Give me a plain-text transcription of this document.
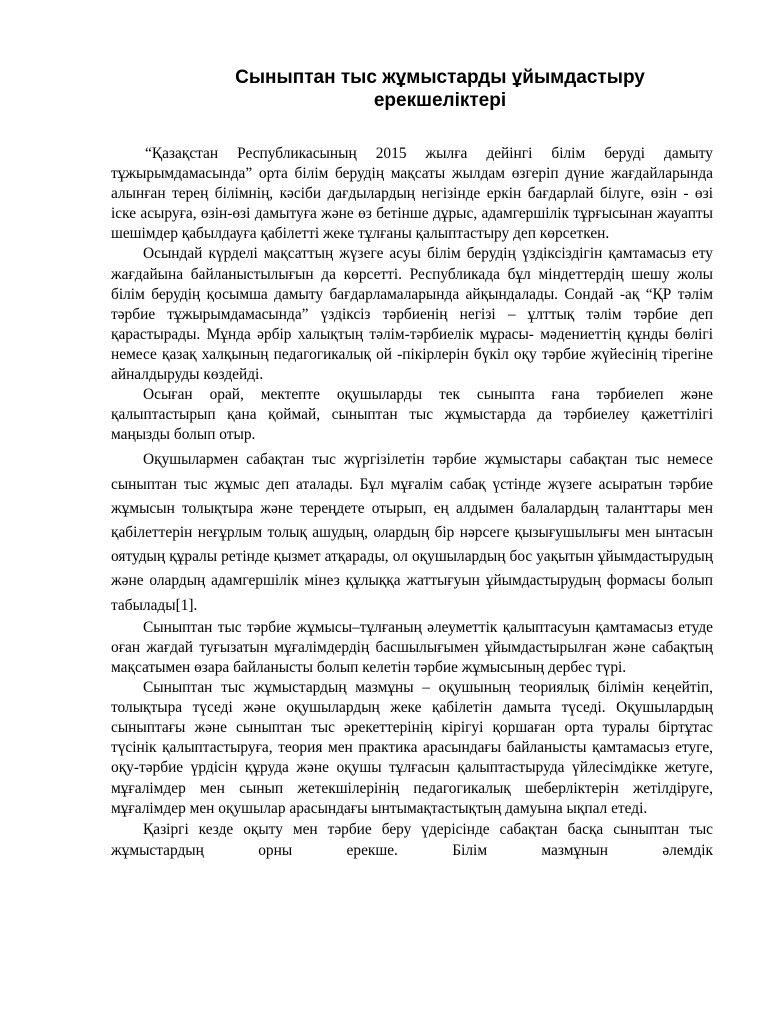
Сыныптан тыс жұмыстарды ұйымдастыру
ерекшеліктері

“Қазақстан Республикасының 2015 жылға дейінгі білім беруді дамыту тұжырымдамасында” орта білім берудің мақсаты жылдам өзгеріп дүние жағдайларында алынған терең білімнің, кәсіби дағдылардың негізінде еркін бағдарлай білуге, өзін - өзі іске асыруға, өзін-өзі дамытуға және өз бетінше дұрыс, адамгершілік тұрғысынан жауапты шешімдер қабылдауға қабілетті жеке тұлғаны қалыптастыру деп көрсеткен.

Осындай күрделі мақсаттың жүзеге асуы білім берудің үздіксіздігін қамтамасыз ету жағдайына байланыстылығын да көрсетті. Республикада бұл міндеттердің шешу жолы білім берудің қосымша дамыту бағдарламаларында айқындалады. Сондай -ақ “ҚР тәлім тәрбие тұжырымдамасында” үздіксіз тәрбиенің негізі – ұлттық тәлім тәрбие деп қарастырады. Мұнда әрбір халықтың тәлім-тәрбиелік мұрасы- мәдениеттің құнды бөлігі немесе қазақ халқының педагогикалық ой -пікірлерін бүкіл оқу тәрбие жүйесінің тірегіне айналдыруды көздейді.

Осыған орай, мектепте оқушыларды тек сыныпта ғана тәрбиелеп және қалыптастырып қана қоймай, сыныптан тыс жұмыстарда да тәрбиелеу қажеттілігі маңызды болып отыр.

Оқушылармен сабақтан тыс жүргізілетін тәрбие жұмыстары сабақтан тыс немесе сыныптан тыс жұмыс деп аталады. Бұл мұғалім сабақ үстінде жүзеге асыратын тәрбие жұмысын толықтыра және тереңдете отырып, ең алдымен балалардың таланттары мен қабілеттерін неғұрлым толық ашудың, олардың бір нәрсеге қызығушылығы мен ынтасын оятудың құралы ретінде қызмет атқарады, ол оқушылардың бос уақытын ұйымдастырудың және олардың адамгершілік мінез құлыққа жаттығуын ұйымдастырудың формасы болып табылады[1].

Сыныптан тыс тәрбие жұмысы–тұлғаның әлеуметтік қалыптасуын қамтамасыз етуде оған жағдай туғызатын мұғалімдердің басшылығымен ұйымдастырылған және сабақтың мақсатымен өзара байланысты болып келетін тәрбие жұмысының дербес түрі.

Сыныптан тыс жұмыстардың мазмұны – оқушының теориялық білімін кеңейтіп, толықтыра түседі және оқушылардың жеке қабілетін дамыта түседі. Оқушылардың сыныптағы және сыныптан тыс әрекеттерінің кірігуі қоршаған орта туралы біртұтас түсінік қалыптастыруға, теория мен практика арасындағы байланысты қамтамасыз етуге, оқу-тәрбие үрдісін құруда және оқушы тұлғасын қалыптастыруда үйлесімдікке жетуге, мұғалімдер мен сынып жетекшілерінің педагогикалық шеберліктерін жетілдіруге, мұғалімдер мен оқушылар арасындағы ынтымақтастықтың дамуына ықпал етеді.

Қазіргі кезде оқыту мен тәрбие беру үдерісінде сабақтан басқа сыныптан тыс жұмыстардың орны ерекше. Білім мазмұнын әлемдік
